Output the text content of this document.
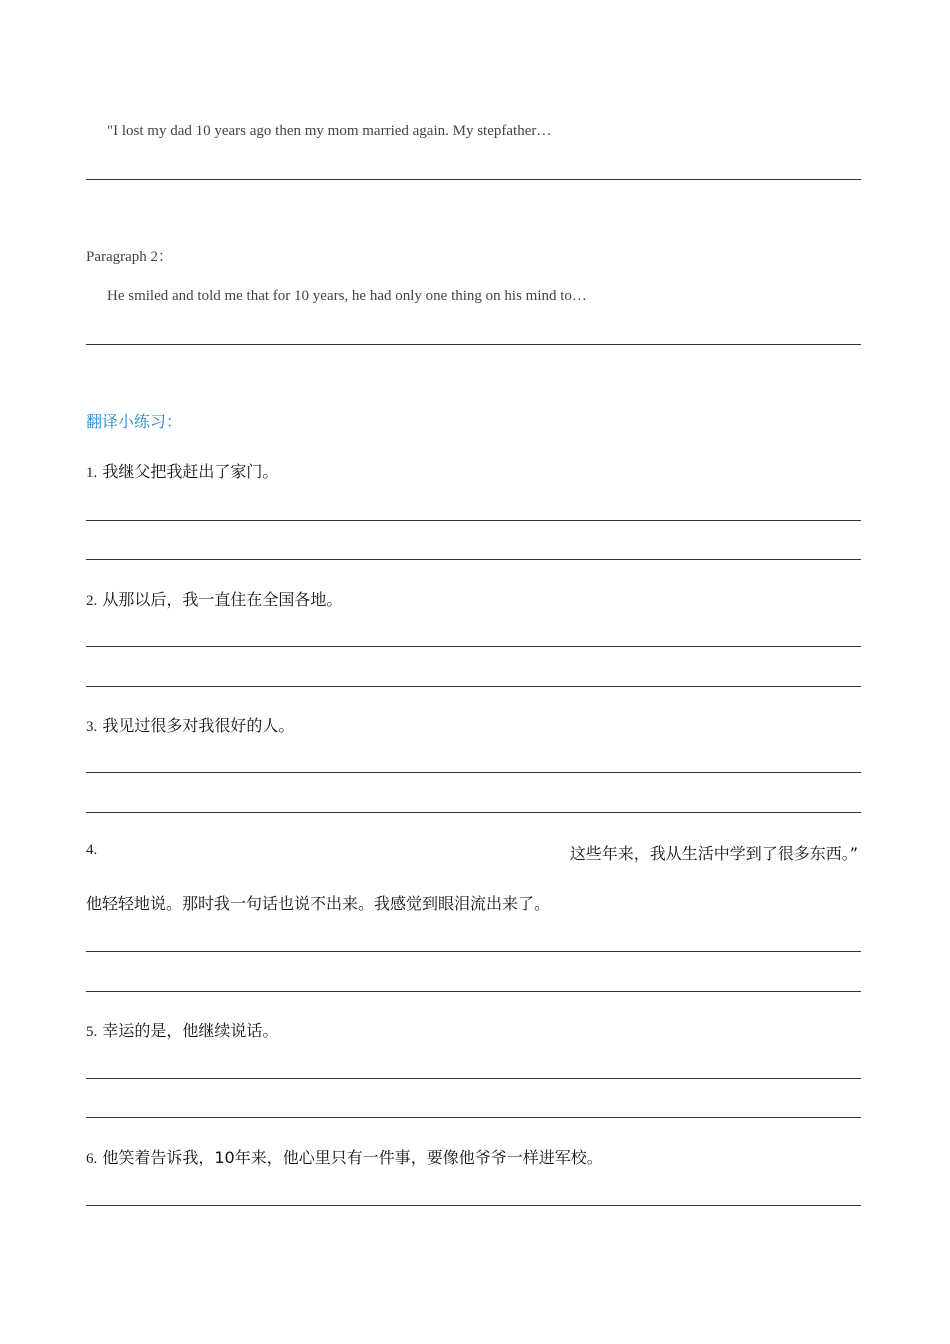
"I lost my dad 10 years ago then my mom married again. My stepfather…
Paragraph 2：
He smiled and told me that for 10 years, he had only one thing on his mind to…
翻译小练习：
1. 我继父把我赶出了家门。
2. 从那以后，我一直住在全国各地。
3. 我见过很多对我很好的人。
4.	这些年来，我从生活中学到了很多东西。”
他轻轻地说。那时我一句话也说不出来。我感觉到眼泪流出来了。
5. 幸运的是，他继续说话。
6. 他笑着告诉我，10年来，他心里只有一件事，要像他爷爷一样进军校。
